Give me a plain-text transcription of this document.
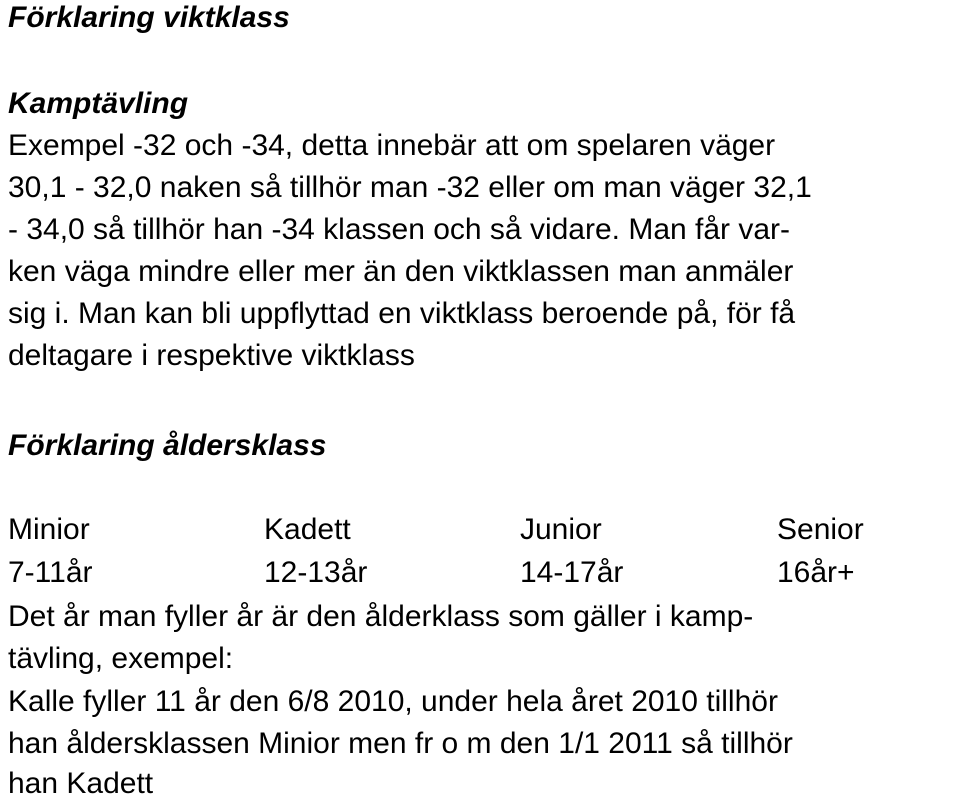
Förklaring viktklass
Kamptävling
Exempel -32 och -34, detta innebär att om spelaren väger
30,1 - 32,0 naken så tillhör man -32 eller om man väger 32,1
- 34,0 så tillhör han -34 klassen och så vidare. Man får var-
ken väga mindre eller mer än den viktklassen man anmäler
sig i. Man kan bli uppflyttad en viktklass beroende på, för få
deltagare i respektive viktklass
Förklaring åldersklass
Minior	Kadett	Junior	Senior
7-11år	12-13år	14-17år	16år+
Det år man fyller år är den ålderklass som gäller i kamp-
tävling, exempel:
Kalle fyller 11 år den 6/8 2010, under hela året 2010 tillhör
han åldersklassen Minior men fr o m den 1/1 2011 så tillhör
han Kadett
